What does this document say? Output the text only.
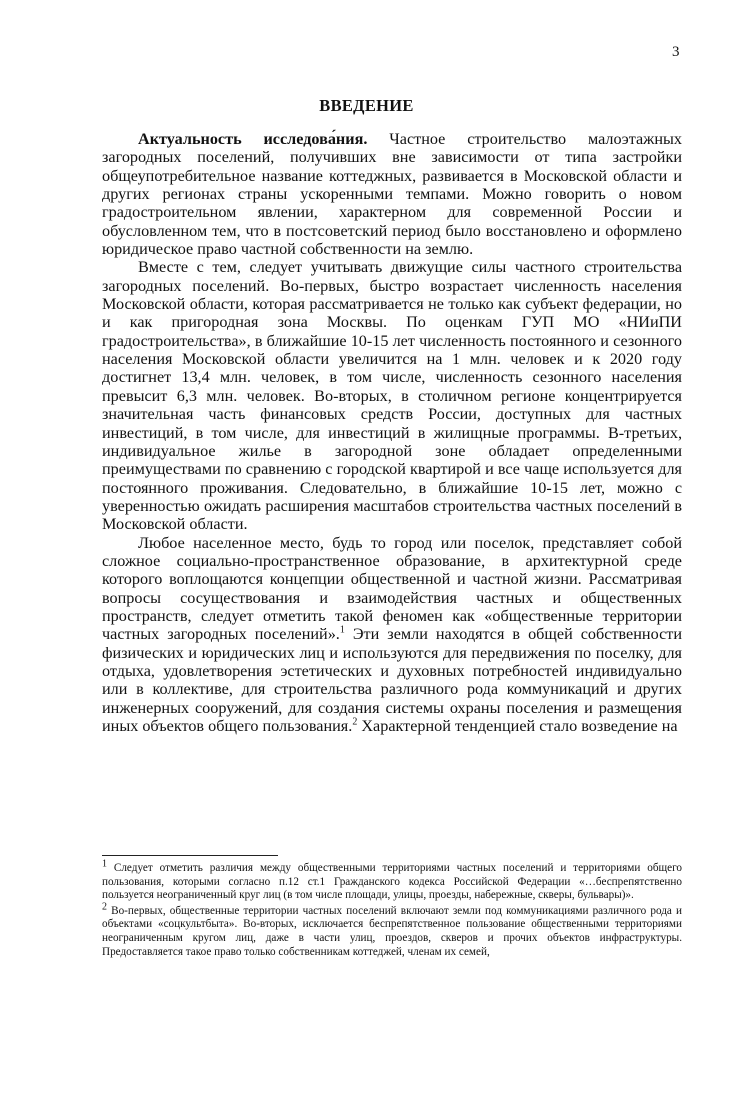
3
ВВЕДЕНИЕ

Актуальность исследова́ния. Частное строительство малоэтажных загородных поселений, получивших вне зависимости от типа застройки общеупотребительное название коттеджных, развивается в Московской области и других регионах страны ускоренными темпами. Можно говорить о новом градостроительном явлении, характерном для современной России и обусловленном тем, что в постсоветский период было восстановлено и оформлено юридическое право частной собственности на землю.

Вместе с тем, следует учитывать движущие силы частного строительства загородных поселений. Во-первых, быстро возрастает численность населения Московской области, которая рассматривается не только как субъект федерации, но и как пригородная зона Москвы. По оценкам ГУП МО «НИиПИ градостроительства», в ближайшие 10-15 лет численность постоянного и сезонного населения Московской области увеличится на 1 млн. человек и к 2020 году достигнет 13,4 млн. человек, в том числе, численность сезонного населения превысит 6,3 млн. человек. Во-вторых, в столичном регионе концентрируется значительная часть финансовых средств России, доступных для частных инвестиций, в том числе, для инвестиций в жилищные программы. В-третьих, индивидуальное жилье в загородной зоне обладает определенными преимуществами по сравнению с городской квартирой и все чаще используется для постоянного проживания. Следовательно, в ближайшие 10-15 лет, можно с уверенностью ожидать расширения масштабов строительства частных поселений в Московской области.

Любое населенное место, будь то город или поселок, представляет собой сложное социально-пространственное образование, в архитектурной среде которого воплощаются концепции общественной и частной жизни. Рассматривая вопросы сосуществования и взаимодействия частных и общественных пространств, следует отметить такой феномен как «общественные территории частных загородных поселений».$^1$ Эти земли находятся в общей собственности физических и юридических лиц и используются для передвижения по поселку, для отдыха, удовлетворения эстетических и духовных потребностей индивидуально или в коллективе, для строительства различного рода коммуникаций и других инженерных сооружений, для создания системы охраны поселения и размещения иных объектов общего пользования.$^2$ Характерной тенденцией стало возведение на

$^1$ Следует отметить различия между общественными территориями частных поселений и территориями общего пользования, которыми согласно п.12 ст.1 Гражданского кодекса Российской Федерации «…беспрепятственно пользуется неограниченный круг лиц (в том числе площади, улицы, проезды, набережные, скверы, бульвары)».

$^2$ Во-первых, общественные территории частных поселений включают земли под коммуникациями различного рода и объектами «соцкультбыта». Во-вторых, исключается беспрепятственное пользование общественными территориями неограниченным кругом лиц, даже в части улиц, проездов, скверов и прочих объектов инфраструктуры. Предоставляется такое право только собственникам коттеджей, членам их семей,
